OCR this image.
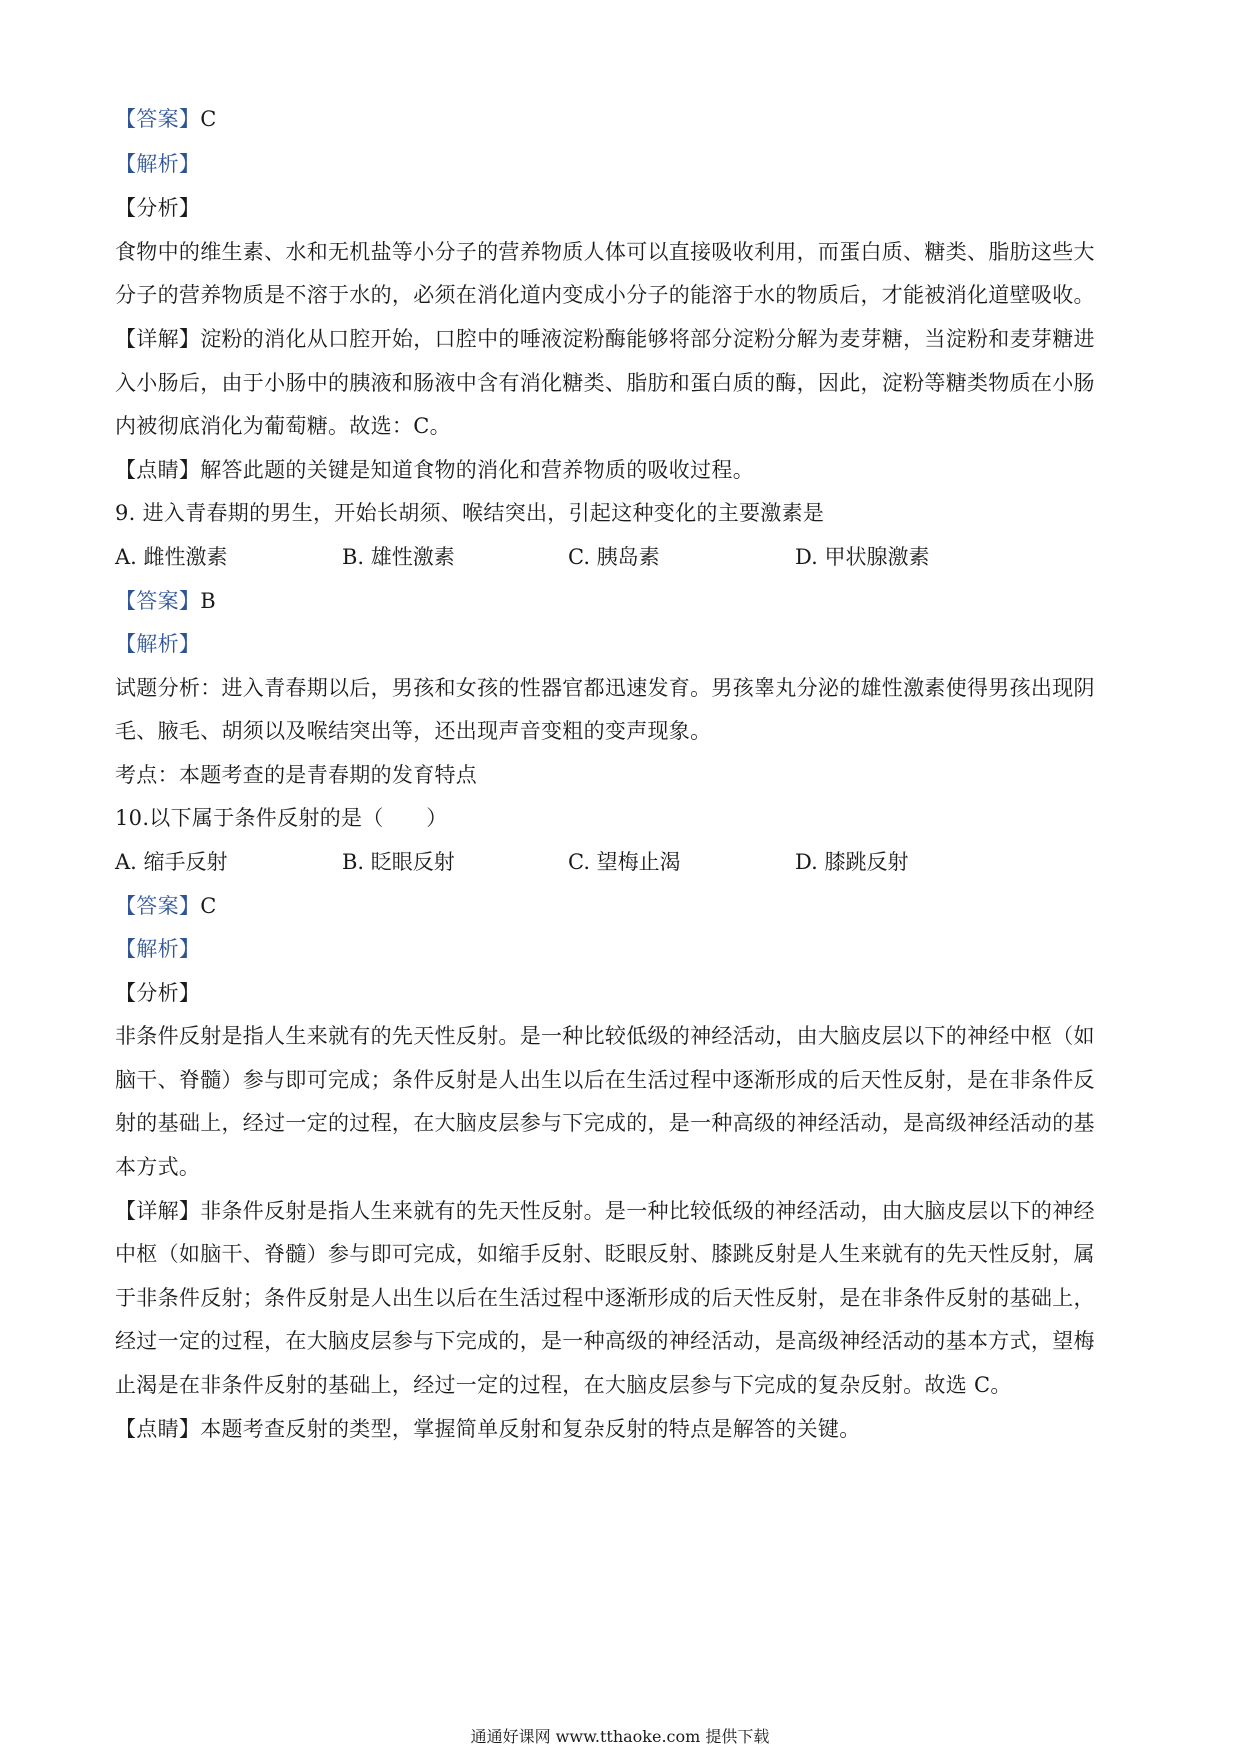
【答案】C
【解析】
【分析】
食物中的维生素、水和无机盐等小分子的营养物质人体可以直接吸收利用，而蛋白质、糖类、脂肪这些大
分子的营养物质是不溶于水的，必须在消化道内变成小分子的能溶于水的物质后，才能被消化道壁吸收。
【详解】淀粉的消化从口腔开始，口腔中的唾液淀粉酶能够将部分淀粉分解为麦芽糖，当淀粉和麦芽糖进
入小肠后，由于小肠中的胰液和肠液中含有消化糖类、脂肪和蛋白质的酶，因此，淀粉等糖类物质在小肠
内被彻底消化为葡萄糖。故选：C。
【点睛】解答此题的关键是知道食物的消化和营养物质的吸收过程。
9. 进入青春期的男生，开始长胡须、喉结突出，引起这种变化的主要激素是
A. 雌性激素	B. 雄性激素	C. 胰岛素	D. 甲状腺激素
【答案】B
【解析】
试题分析：进入青春期以后，男孩和女孩的性器官都迅速发育。男孩睾丸分泌的雄性激素使得男孩出现阴
毛、腋毛、胡须以及喉结突出等，还出现声音变粗的变声现象。
考点：本题考查的是青春期的发育特点
10.以下属于条件反射的是（　　）
A. 缩手反射	B. 眨眼反射	C. 望梅止渴	D. 膝跳反射
【答案】C
【解析】
【分析】
非条件反射是指人生来就有的先天性反射。是一种比较低级的神经活动，由大脑皮层以下的神经中枢（如
脑干、脊髓）参与即可完成；条件反射是人出生以后在生活过程中逐渐形成的后天性反射，是在非条件反
射的基础上，经过一定的过程，在大脑皮层参与下完成的，是一种高级的神经活动，是高级神经活动的基
本方式。
【详解】非条件反射是指人生来就有的先天性反射。是一种比较低级的神经活动，由大脑皮层以下的神经
中枢（如脑干、脊髓）参与即可完成，如缩手反射、眨眼反射、膝跳反射是人生来就有的先天性反射，属
于非条件反射；条件反射是人出生以后在生活过程中逐渐形成的后天性反射，是在非条件反射的基础上，
经过一定的过程，在大脑皮层参与下完成的，是一种高级的神经活动，是高级神经活动的基本方式，望梅
止渴是在非条件反射的基础上，经过一定的过程，在大脑皮层参与下完成的复杂反射。故选 C。
【点睛】本题考查反射的类型，掌握简单反射和复杂反射的特点是解答的关键。
通通好课网 www.tthaoke.com 提供下载
